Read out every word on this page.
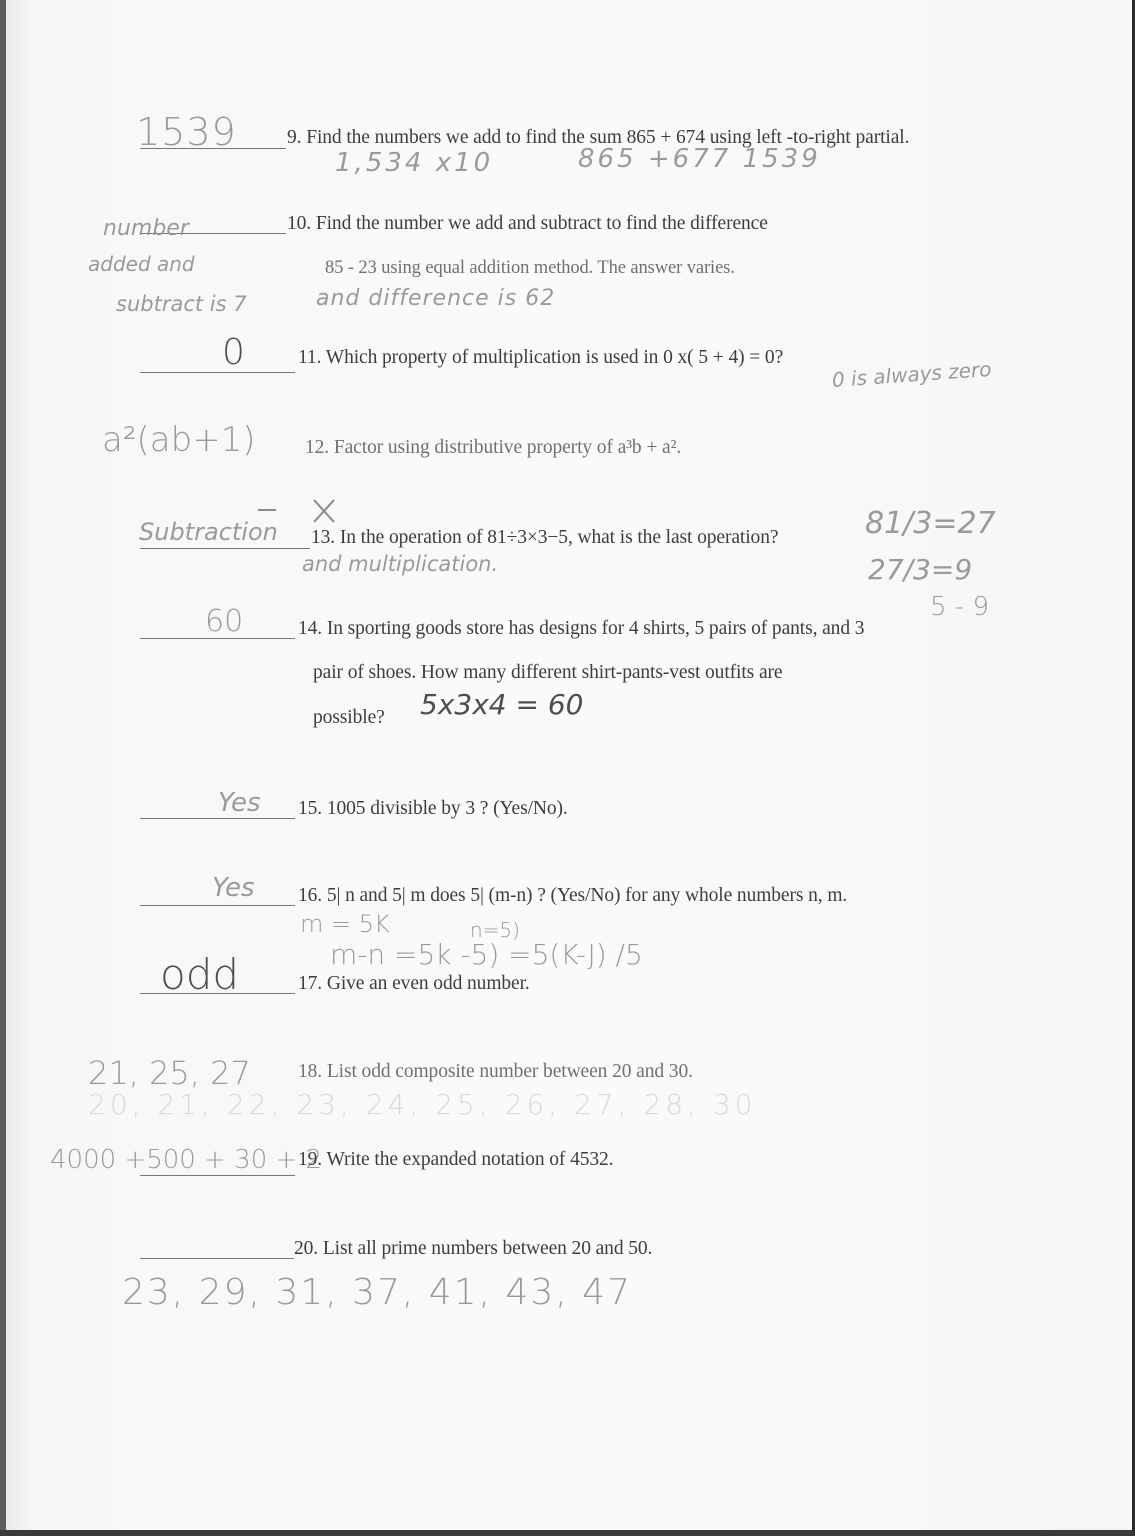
1539	9. Find the numbers we add to find the sum 865 + 674 using left -to-right partial.
1,534 x10	865 +677 1539
number	10. Find the number we add and subtract to find the difference
added and	85 - 23 using equal addition method. The answer varies.
subtract is 7	and difference is 62
0	11. Which property of multiplication is used in 0 x( 5 + 4) = 0? 0 is always zero
a²(ab+1)	12. Factor using distributive property of a³b + a².
Subtraction 13. In the operation of 81÷3×3−5, what is the last operation?
and multiplication.
81/3=27
27/3=9
5 - 9
60	14. In sporting goods store has designs for 4 shirts, 5 pairs of pants, and 3
pair of shoes. How many different shirt-pants-vest outfits are
possible? 5x3x4 = 60
Yes 15. 1005 divisible by 3 ? (Yes/No).
Yes 16. 5| n and 5| m does 5| (m-n) ? (Yes/No) for any whole numbers n, m.
m = 5K	n=5)
m-n =5k -5) =5(K-J) /5
odd	17. Give an even odd number.
21, 25, 27 18. List odd composite number between 20 and 30.
20, 21, 22, 23, 24, 25, 26, 27, 28, 30
4000 +500 + 30 + 2
19. Write the expanded notation of 4532.
20. List all prime numbers between 20 and 50.
23, 29, 31, 37, 41, 43, 47
